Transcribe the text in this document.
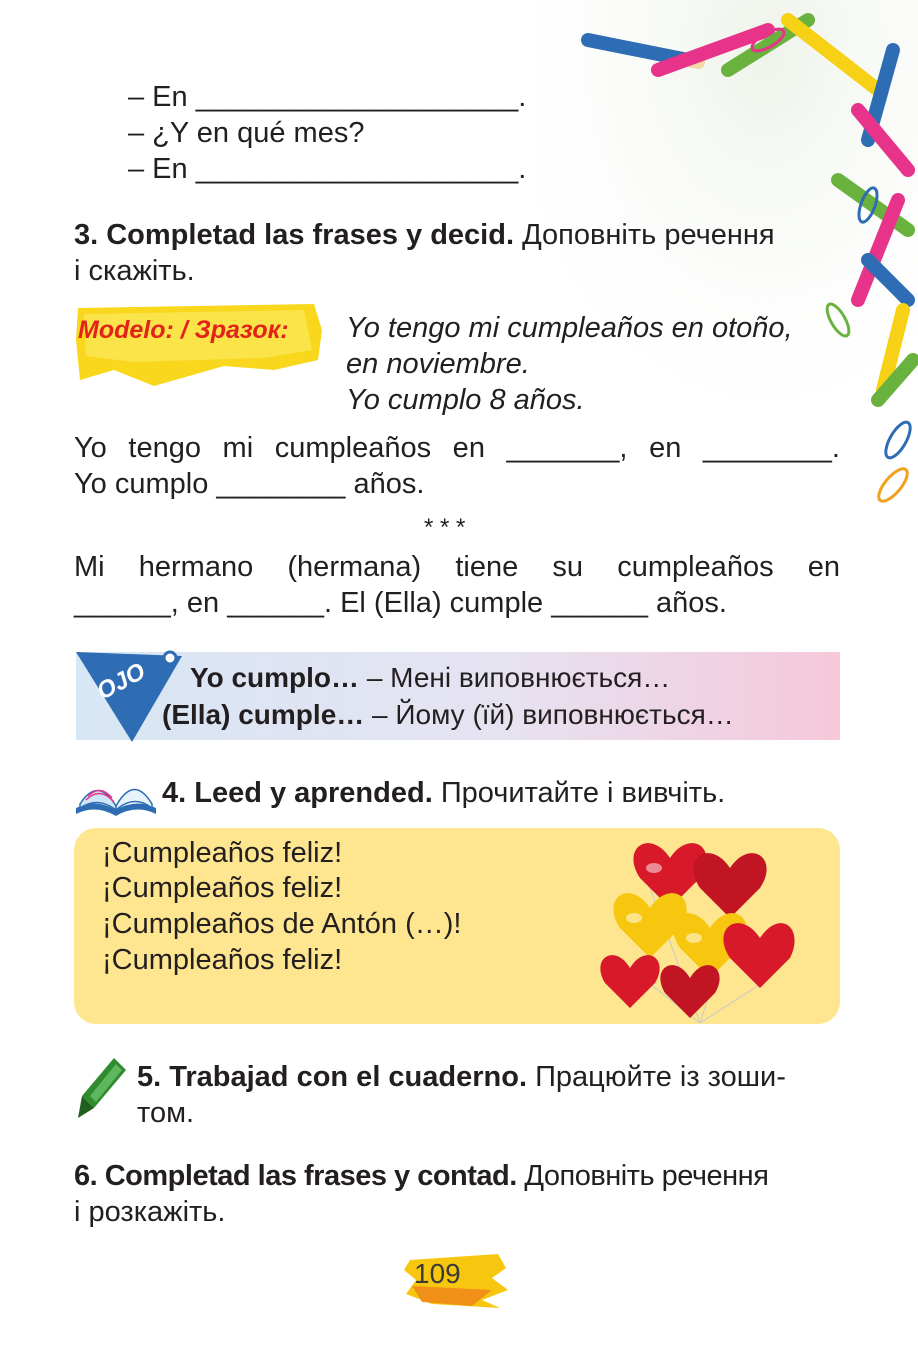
– En ____________________.
– ¿Y en qué mes?
– En ____________________.
3. Completad las frases y decid. Доповніть речення
і скажіть.
Modelo: / Зразок: Yo tengo mi cumpleaños en otoño,
en noviembre.
Yo cumplo 8 años.
Yo tengo mi cumpleaños en _______, en ________.
Yo cumplo ________ años.
* * *
Mi hermano (hermana) tiene su cumpleaños en
______, en ______. El (Ella) cumple ______ años.
OJO Yo cumplo… – Мені виповнюється…
(Ella) cumple… – Йому (їй) виповнюється…
4. Leed y aprended. Прочитайте і вивчіть.
¡Cumpleaños feliz!
¡Cumpleaños feliz!
¡Cumpleaños de Antón (…)!
¡Cumpleaños feliz!
5. Trabajad con el cuaderno. Працюйте із зоши-
том.
6. Completad las frases y contad. Доповніть речення
і розкажіть.
109
